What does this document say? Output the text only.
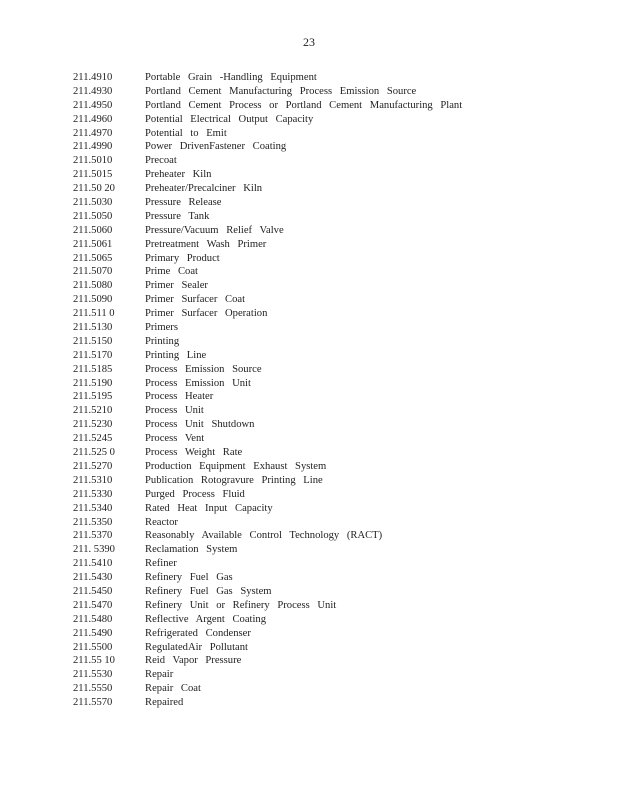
23
211.4910	Portable Grain -Handling Equipment
211.4930	Portland Cement Manufacturing Process Emission Source
211.4950	Portland Cement Process or Portland Cement Manufacturing Plant
211.4960	Potential Electrical Output Capacity
211.4970	Potential to Emit
211.4990	Power DrivenFastener Coating
211.5010	Precoat
211.5015	Preheater Kiln
211.50 20	Preheater/Precalciner Kiln
211.5030	Pressure Release
211.5050	Pressure Tank
211.5060	Pressure/Vacuum Relief Valve
211.5061	Pretreatment Wash Primer
211.5065	Primary Product
211.5070	Prime Coat
211.5080	Primer Sealer
211.5090	Primer Surfacer Coat
211.511 0	Primer Surfacer Operation
211.5130	Primers
211.5150	Printing
211.5170	Printing Line
211.5185	Process Emission Source
211.5190	Process Emission Unit
211.5195	Process Heater
211.5210	Process Unit
211.5230	Process Unit Shutdown
211.5245	Process Vent
211.525 0	Process Weight Rate
211.5270	Production Equipment Exhaust System
211.5310	Publication Rotogravure Printing Line
211.5330	Purged Process Fluid
211.5340	Rated Heat Input Capacity
211.5350	Reactor
211.5370	Reasonably Available Control Technology (RACT)
211. 5390	Reclamation System
211.5410	Refiner
211.5430	Refinery Fuel Gas
211.5450	Refinery Fuel Gas System
211.5470	Refinery Unit or Refinery Process Unit
211.5480	Reflective Argent Coating
211.5490	Refrigerated Condenser
211.5500	RegulatedAir Pollutant
211.55 10	Reid Vapor Pressure
211.5530	Repair
211.5550	Repair Coat
211.5570	Repaired
